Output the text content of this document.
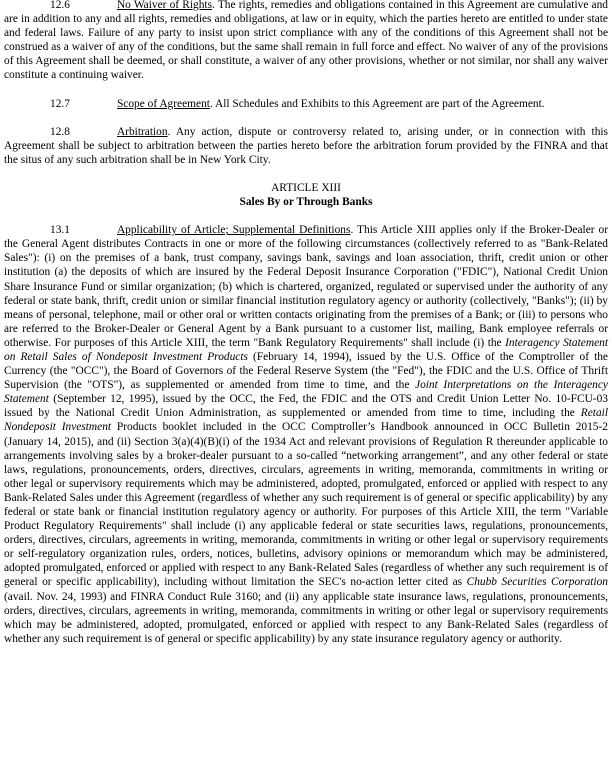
12.6	No Waiver of Rights. The rights, remedies and obligations contained in this Agreement are cumulative and are in addition to any and all rights, remedies and obligations, at law or in equity, which the parties hereto are entitled to under state and federal laws. Failure of any party to insist upon strict compliance with any of the conditions of this Agreement shall not be construed as a waiver of any of the conditions, but the same shall remain in full force and effect. No waiver of any of the provisions of this Agreement shall be deemed, or shall constitute, a waiver of any other provisions, whether or not similar, nor shall any waiver constitute a continuing waiver.

12.7	Scope of Agreement. All Schedules and Exhibits to this Agreement are part of the Agreement.

12.8	Arbitration. Any action, dispute or controversy related to, arising under, or in connection with this Agreement shall be subject to arbitration between the parties hereto before the arbitration forum provided by the FINRA and that the situs of any such arbitration shall be in New York City.

ARTICLE XIII

Sales By or Through Banks

13.1	Applicability of Article; Supplemental Definitions. This Article XIII applies only if the Broker-Dealer or the General Agent distributes Contracts in one or more of the following circumstances (collectively referred to as "Bank-Related Sales"): (i) on the premises of a bank, trust company, savings bank, savings and loan association, thrift, credit union or other institution (a) the deposits of which are insured by the Federal Deposit Insurance Corporation ("FDIC"), National Credit Union Share Insurance Fund or similar organization; (b) which is chartered, organized, regulated or supervised under the authority of any federal or state bank, thrift, credit union or similar financial institution regulatory agency or authority (collectively, "Banks"); (ii) by means of personal, telephone, mail or other oral or written contacts originating from the premises of a Bank; or (iii) to persons who are referred to the Broker-Dealer or General Agent by a Bank pursuant to a customer list, mailing, Bank employee referrals or otherwise. For purposes of this Article XIII, the term "Bank Regulatory Requirements" shall include (i) the Interagency Statement on Retail Sales of Nondeposit Investment Products (February 14, 1994), issued by the U.S. Office of the Comptroller of the Currency (the "OCC"), the Board of Governors of the Federal Reserve System (the "Fed"), the FDIC and the U.S. Office of Thrift Supervision (the "OTS"), as supplemented or amended from time to time, and the Joint Interpretations on the Interagency Statement (September 12, 1995), issued by the OCC, the Fed, the FDIC and the OTS and Credit Union Letter No. 10-FCU-03 issued by the National Credit Union Administration, as supplemented or amended from time to time, including the Retail Nondeposit Investment Products booklet included in the OCC Comptroller’s Handbook announced in OCC Bulletin 2015-2 (January 14, 2015), and (ii) Section 3(a)(4)(B)(i) of the 1934 Act and relevant provisions of Regulation R thereunder applicable to arrangements involving sales by a broker-dealer pursuant to a so-called “networking arrangement”, and any other federal or state laws, regulations, pronouncements, orders, directives, circulars, agreements in writing, memoranda, commitments in writing or other legal or supervisory requirements which may be administered, adopted, promulgated, enforced or applied with respect to any Bank-Related Sales under this Agreement (regardless of whether any such requirement is of general or specific applicability) by any federal or state bank or financial institution regulatory agency or authority. For purposes of this Article XIII, the term "Variable Product Regulatory Requirements" shall include (i) any applicable federal or state securities laws, regulations, pronouncements, orders, directives, circulars, agreements in writing, memoranda, commitments in writing or other legal or supervisory requirements or self-regulatory organization rules, orders, notices, bulletins, advisory opinions or memorandum which may be administered, adopted promulgated, enforced or applied with respect to any Bank-Related Sales (regardless of whether any such requirement is of general or specific applicability), including without limitation the SEC's no-action letter cited as Chubb Securities Corporation (avail. Nov. 24, 1993) and FINRA Conduct Rule 3160; and (ii) any applicable state insurance laws, regulations, pronouncements, orders, directives, circulars, agreements in writing, memoranda, commitments in writing or other legal or supervisory requirements which may be administered, adopted, promulgated, enforced or applied with respect to any Bank-Related Sales (regardless of whether any such requirement is of general or specific applicability) by any state insurance regulatory agency or authority.
